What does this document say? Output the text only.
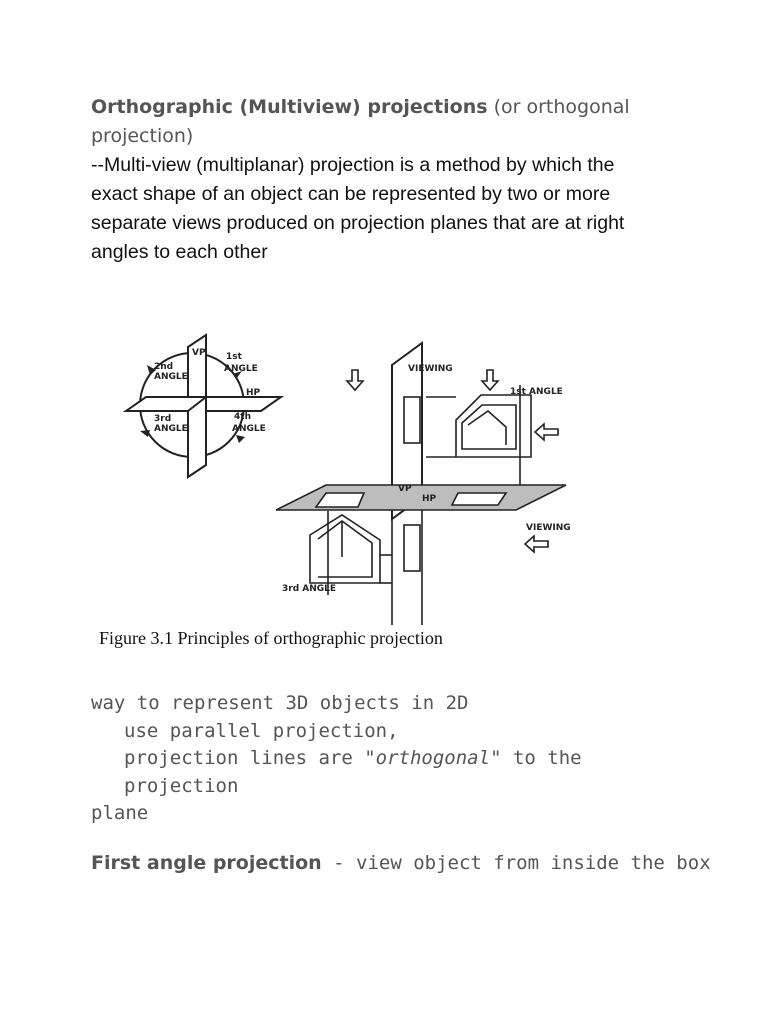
Orthographic (Multiview) projections (or orthogonal

projection)

--Multi-view (multiplanar) projection is a method by which the

exact shape of an object can be represented by two or more

separate views produced on projection planes that are at right

angles to each other

VP
2nd
ANGLE
1st
ANGLE
HP
3rd
ANGLE
4th
ANGLE
VIEWING
1st ANGLE
VP
HP
VIEWING
3rd ANGLE
Figure 3.1 Principles of orthographic projection

way to represent 3D objects in 2D

use parallel projection,

projection lines are "orthogonal" to the projection

plane

First angle projection - view object from inside the box
